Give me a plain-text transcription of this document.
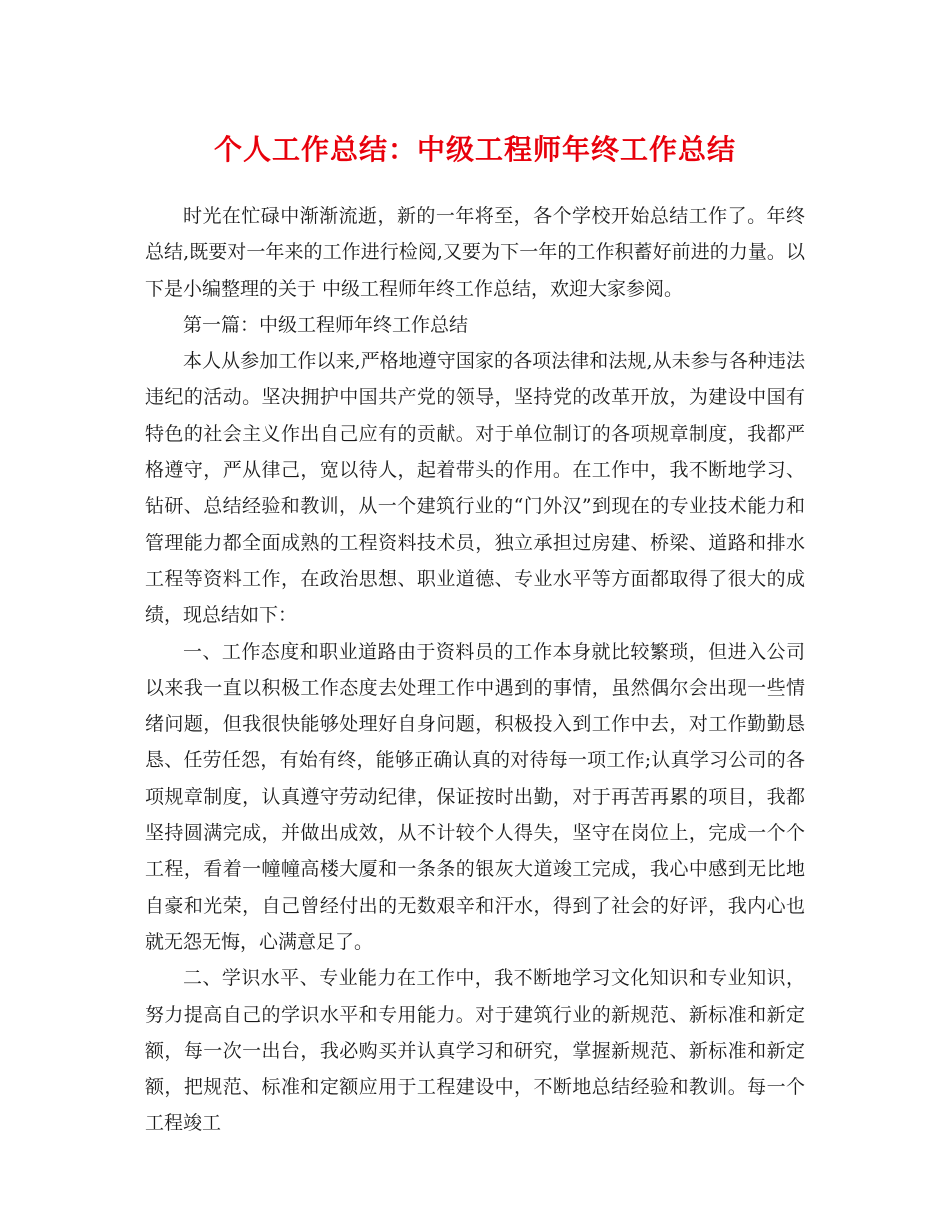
个人工作总结：中级工程师年终工作总结

时光在忙碌中渐渐流逝，新的一年将至，各个学校开始总结工作了。年终总结,既要对一年来的工作进行检阅,又要为下一年的工作积蓄好前进的力量。以下是小编整理的关于 中级工程师年终工作总结，欢迎大家参阅。

第一篇：中级工程师年终工作总结

本人从参加工作以来,严格地遵守国家的各项法律和法规,从未参与各种违法违纪的活动。坚决拥护中国共产党的领导，坚持党的改革开放，为建设中国有特色的社会主义作出自己应有的贡献。对于单位制订的各项规章制度，我都严格遵守，严从律己，宽以待人，起着带头的作用。在工作中，我不断地学习、钻研、总结经验和教训，从一个建筑行业的“门外汉”到现在的专业技术能力和管理能力都全面成熟的工程资料技术员，独立承担过房建、桥梁、道路和排水工程等资料工作，在政治思想、职业道德、专业水平等方面都取得了很大的成绩，现总结如下：

一、工作态度和职业道路由于资料员的工作本身就比较繁琐，但进入公司以来我一直以积极工作态度去处理工作中遇到的事情，虽然偶尔会出现一些情绪问题，但我很快能够处理好自身问题，积极投入到工作中去，对工作勤勤恳恳、任劳任怨，有始有终，能够正确认真的对待每一项工作;认真学习公司的各项规章制度，认真遵守劳动纪律，保证按时出勤，对于再苦再累的项目，我都坚持圆满完成，并做出成效，从不计较个人得失，坚守在岗位上，完成一个个工程，看着一幢幢高楼大厦和一条条的银灰大道竣工完成，我心中感到无比地自豪和光荣，自己曾经付出的无数艰辛和汗水，得到了社会的好评，我内心也就无怨无悔，心满意足了。

二、学识水平、专业能力在工作中，我不断地学习文化知识和专业知识，努力提高自己的学识水平和专用能力。对于建筑行业的新规范、新标准和新定额，每一次一出台，我必购买并认真学习和研究，掌握新规范、新标准和新定额，把规范、标准和定额应用于工程建设中，不断地总结经验和教训。每一个工程竣工
